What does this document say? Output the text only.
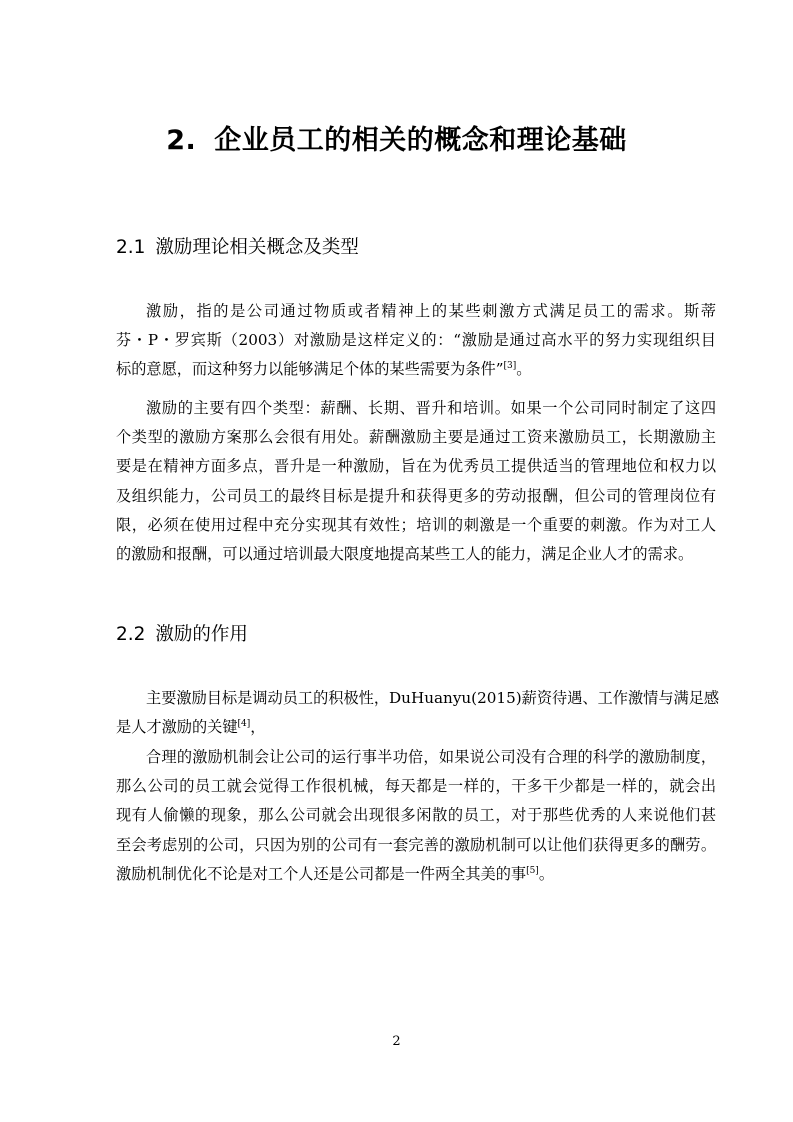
2. 企业员工的相关的概念和理论基础
2.1 激励理论相关概念及类型
激励，指的是公司通过物质或者精神上的某些刺激方式满足员工的需求。斯蒂
芬・P・罗宾斯（2003）对激励是这样定义的：“激励是通过高水平的努力实现组织目
标的意愿，而这种努力以能够满足个体的某些需要为条件”[3]。
激励的主要有四个类型：薪酬、长期、晋升和培训。如果一个公司同时制定了这四
个类型的激励方案那么会很有用处。薪酬激励主要是通过工资来激励员工，长期激励主
要是在精神方面多点，晋升是一种激励，旨在为优秀员工提供适当的管理地位和权力以
及组织能力，公司员工的最终目标是提升和获得更多的劳动报酬，但公司的管理岗位有
限，必须在使用过程中充分实现其有效性；培训的刺激是一个重要的刺激。作为对工人
的激励和报酬，可以通过培训最大限度地提高某些工人的能力，满足企业人才的需求。
2.2 激励的作用
主要激励目标是调动员工的积极性，DuHuanyu(2015)薪资待遇、工作激情与满足感
是人才激励的关键[4]，
合理的激励机制会让公司的运行事半功倍，如果说公司没有合理的科学的激励制度，
那么公司的员工就会觉得工作很机械，每天都是一样的，干多干少都是一样的，就会出
现有人偷懒的现象，那么公司就会出现很多闲散的员工，对于那些优秀的人来说他们甚
至会考虑别的公司，只因为别的公司有一套完善的激励机制可以让他们获得更多的酬劳。
激励机制优化不论是对工个人还是公司都是一件两全其美的事[5]。
2
